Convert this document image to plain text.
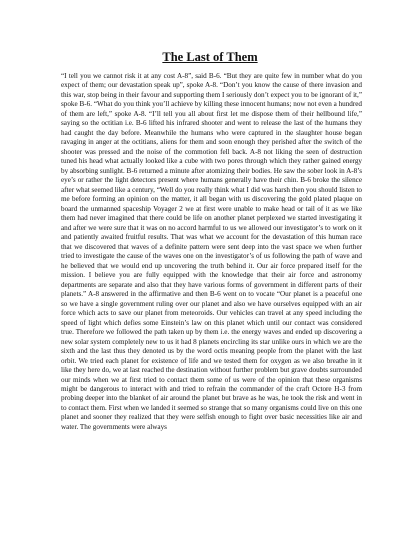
The Last of Them

“I tell you we cannot risk it at any cost A-8”, said B-6. “But they are quite few in number what do you expect of them; our devastation speak up”, spoke A-8. “Don’t you know the cause of there invasion and this war, stop being in their favour and supporting them I seriously don’t expect you to be ignorant of it,” spoke B-6. “What do you think you’ll achieve by killing these innocent humans; now not even a hundred of them are left,” spoke A-8. “I’ll tell you all about first let me dispose them of their hellbound life,” saying so the octitian i.e. B-6 lifted his infrared shooter and went to release the last of the humans they had caught the day before. Meanwhile the humans who were captured in the slaughter house began ravaging in anger at the octitians, aliens for them and soon enough they perished after the switch of the shooter was pressed and the noise of the commotion fell back. A-8 not liking the seen of destruction tuned his head what actually looked like a cube with two pores through which they rather gained energy by absorbing sunlight. B-6 returned a minute after atomizing their bodies. He saw the sober look in A-8’s eye’s or rather the light detectors present where humans generally have their chin. B-6 broke the silence after what seemed like a century, “Well do you really think what I did was harsh then you should listen to me before forming an opinion on the matter, it all began with us discovering the gold plated plaque on board the unmanned spaceship Voyager 2 we at first were unable to make head or tail of it as we like them had never imagined that there could be life on another planet perplexed we started investigating it and after we were sure that it was on no accord harmful to us we allowed our investigator’s to work on it and patiently awaited fruitful results. That was what we account for the devastation of this human race that we discovered that waves of a definite pattern were sent deep into the vast space we when further tried to investigate the cause of the waves one on the investigator’s of us following the path of wave and he believed that we would end up uncovering the truth behind it. Our air force prepared itself for the mission. I believe you are fully equipped with the knowledge that their air force and astronomy departments are separate and also that they have various forms of government in different parts of their planets.” A-8 answered in the affirmative and then B-6 went on to vocate “Our planet is a peaceful one so we have a single government ruling over our planet and also we have ourselves equipped with an air force which acts to save our planet from meteoroids. Our vehicles can travel at any speed including the speed of light which defies some Einstein’s law on this planet which until our contact was considered true. Therefore we followed the path taken up by them i.e. the energy waves and ended up discovering a new solar system completely new to us it had 8 planets encircling its star unlike ours in which we are the sixth and the last thus they denoted us by the word octis meaning people from the planet with the last orbit. We tried each planet for existence of life and we tested them for oxygen as we also breathe in it like they here do, we at last reached the destination without further problem but grave doubts surrounded our minds when we at first tried to contact them some of us were of the opinion that these organisms might be dangerous to interact with and tried to refrain the commander of the craft Octore H-3 from probing deeper into the blanket of air around the planet but brave as he was, he took the risk and went in to contact them. First when we landed it seemed so strange that so many organisms could live on this one planet and sooner they realized that they were selfish enough to fight over basic necessities like air and water. The governments were always
